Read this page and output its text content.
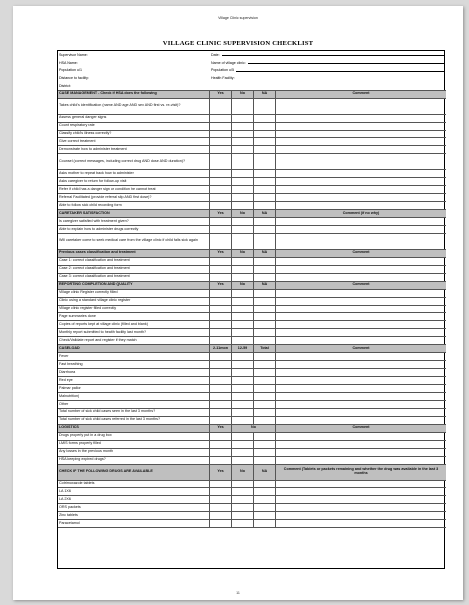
Village Clinic supervision
VILLAGE CLINIC SUPERVISION CHECKLIST
Supervisor Name:	Date:
HSA Name:	Name of village clinic:
Population u/1	Population u/5
Distance to facility:	Health Facility:
District:
CASE MANAGEMENT - Check if HSA does the following	Yes	No	NA	Comment
Takes child's identification (name AND age AND sex AND first vs. re-visit)?
Assess general danger signs
Count respiratory rate
Classify child's illness correctly?
Give correct treatment
Demonstrate how to administer treatment
Counsel (correct messages, including correct drug AND dose AND duration)?
Asks mother to repeat back how to administer
Asks caregiver to return for follow-up visit
Refer if child has a danger sign or condition he cannot treat
Referral Facilitated (provide referral slip AND first dose)?
Able to follow sick child recording form
CARETAKER SATISFACTION	Yes	No	NA	Comment (if no why)
Is caregiver satisfied with treatment given?
Able to explain how to administer drugs correctly
Will caretaker come to seek medical care from the village clinic if child falls sick again
Previous cases classification and treatment	Yes	No	NA	Comment
Case 1: correct classification and treatment
Case 2: correct classification and treatment
Case 3: correct classification and treatment
REPORTING COMPLETION AND QUALITY	Yes	No	NA	Comment
Village clinic Register correctly filled
Clinic using a standard village clinic register
Village clinic register filled correctly
Page summaries done
Copies of reports kept at village clinic (filled and blank)
Monthly report submitted to health facility last month?
Check/Validate report and register if they match
CASELOAD	2-11mon	12-59	Total	Comment
Fever
Fast breathing
Diarrhoea
Red eye
Palmar pallor
Malnutrition)
Other
Total number of sick child cases seen in the last 3 months?
Total number of sick child cases referred in the last 3 months?
LOGISTICS	Yes	No	Comment
Drugs properly put in a drug box
LMIS forms properly filled
Any losses in the previous month
HSA keeping expired drugs?
CHECK IF THE FOLLOWING DRUGS ARE AVAILABLE	Yes	No	NA	Comment (Tablets or packets remaining and whether the drug was available in the last 3 months
Cotrimoxazole tablets
LA 1X6
LA 2X6
ORS packets
Zinc tablets
Paracetamol
11
